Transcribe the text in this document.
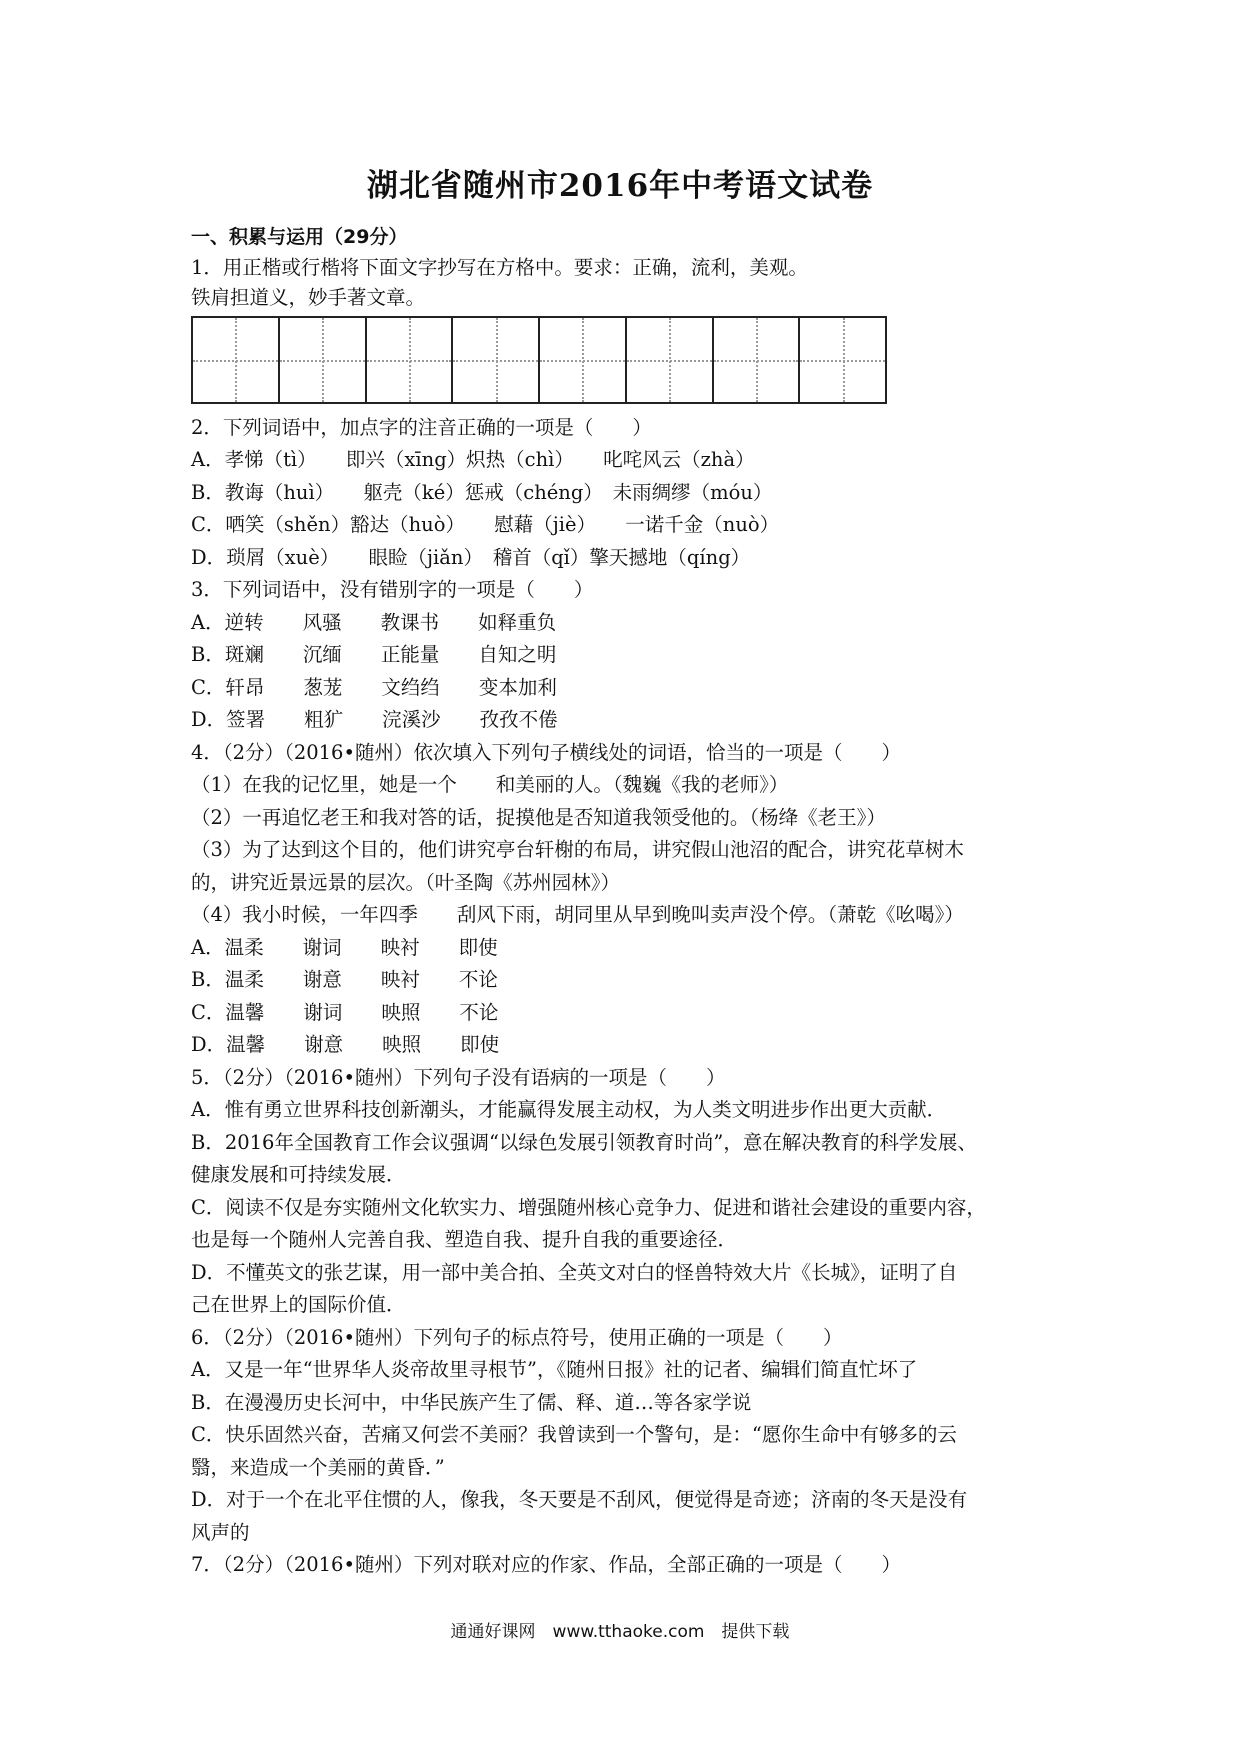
湖北省随州市2016年中考语文试卷
一、积累与运用（29分）
1．用正楷或行楷将下面文字抄写在方格中。要求：正确，流利，美观。
铁肩担道义，妙手著文章。
2．下列词语中，加点字的注音正确的一项是（　　）
A．孝悌（tì）　　即兴（xīng）炽热（chì）　　叱咤风云（zhà）
B．教诲（huì）　　躯壳（ké）惩戒（chéng）　未雨绸缪（móu）
C．哂笑（shěn）豁达（huò）　　慰藉（jiè）　　一诺千金（nuò）
D．琐屑（xuè）　　眼睑（jiǎn）　稽首（qǐ）擎天撼地（qíng）
3．下列词语中，没有错别字的一项是（　　）
A．逆转　　风骚　　教课书　　如释重负
B．斑斓　　沉缅　　正能量　　自知之明
C．轩昂　　葱茏　　文绉绉　　变本加利
D．签署　　粗犷　　浣溪沙　　孜孜不倦
4．（2分）（2016•随州）依次填入下列句子横线处的词语，恰当的一项是（　　）
（1）在我的记忆里，她是一个　　和美丽的人。（魏巍《我的老师》）
（2）一再追忆老王和我对答的话，捉摸他是否知道我领受他的。（杨绛《老王》）
（3）为了达到这个目的，他们讲究亭台轩榭的布局，讲究假山池沼的配合，讲究花草树木
的，讲究近景远景的层次。（叶圣陶《苏州园林》）
（4）我小时候，一年四季　　刮风下雨，胡同里从早到晚叫卖声没个停。（萧乾《吆喝》）
A．温柔　　谢词　　映衬　　即使
B．温柔　　谢意　　映衬　　不论
C．温馨　　谢词　　映照　　不论
D．温馨　　谢意　　映照　　即使
5．（2分）（2016•随州）下列句子没有语病的一项是（　　）
A．惟有勇立世界科技创新潮头，才能赢得发展主动权，为人类文明进步作出更大贡献．
B．2016年全国教育工作会议强调“以绿色发展引领教育时尚”，意在解决教育的科学发展、
健康发展和可持续发展．
C．阅读不仅是夯实随州文化软实力、增强随州核心竞争力、促进和谐社会建设的重要内容，
也是每一个随州人完善自我、塑造自我、提升自我的重要途径．
D．不懂英文的张艺谋，用一部中美合拍、全英文对白的怪兽特效大片《长城》，证明了自
己在世界上的国际价值．
6．（2分）（2016•随州）下列句子的标点符号，使用正确的一项是（　　）
A．又是一年“世界华人炎帝故里寻根节”，《随州日报》社的记者、编辑们简直忙坏了
B．在漫漫历史长河中，中华民族产生了儒、释、道…等各家学说
C．快乐固然兴奋，苦痛又何尝不美丽？我曾读到一个警句，是：“愿你生命中有够多的云
翳，来造成一个美丽的黄昏．”
D．对于一个在北平住惯的人，像我，冬天要是不刮风，便觉得是奇迹；济南的冬天是没有
风声的
7．（2分）（2016•随州）下列对联对应的作家、作品，全部正确的一项是（　　）
通通好课网　www.tthaoke.com　提供下载
